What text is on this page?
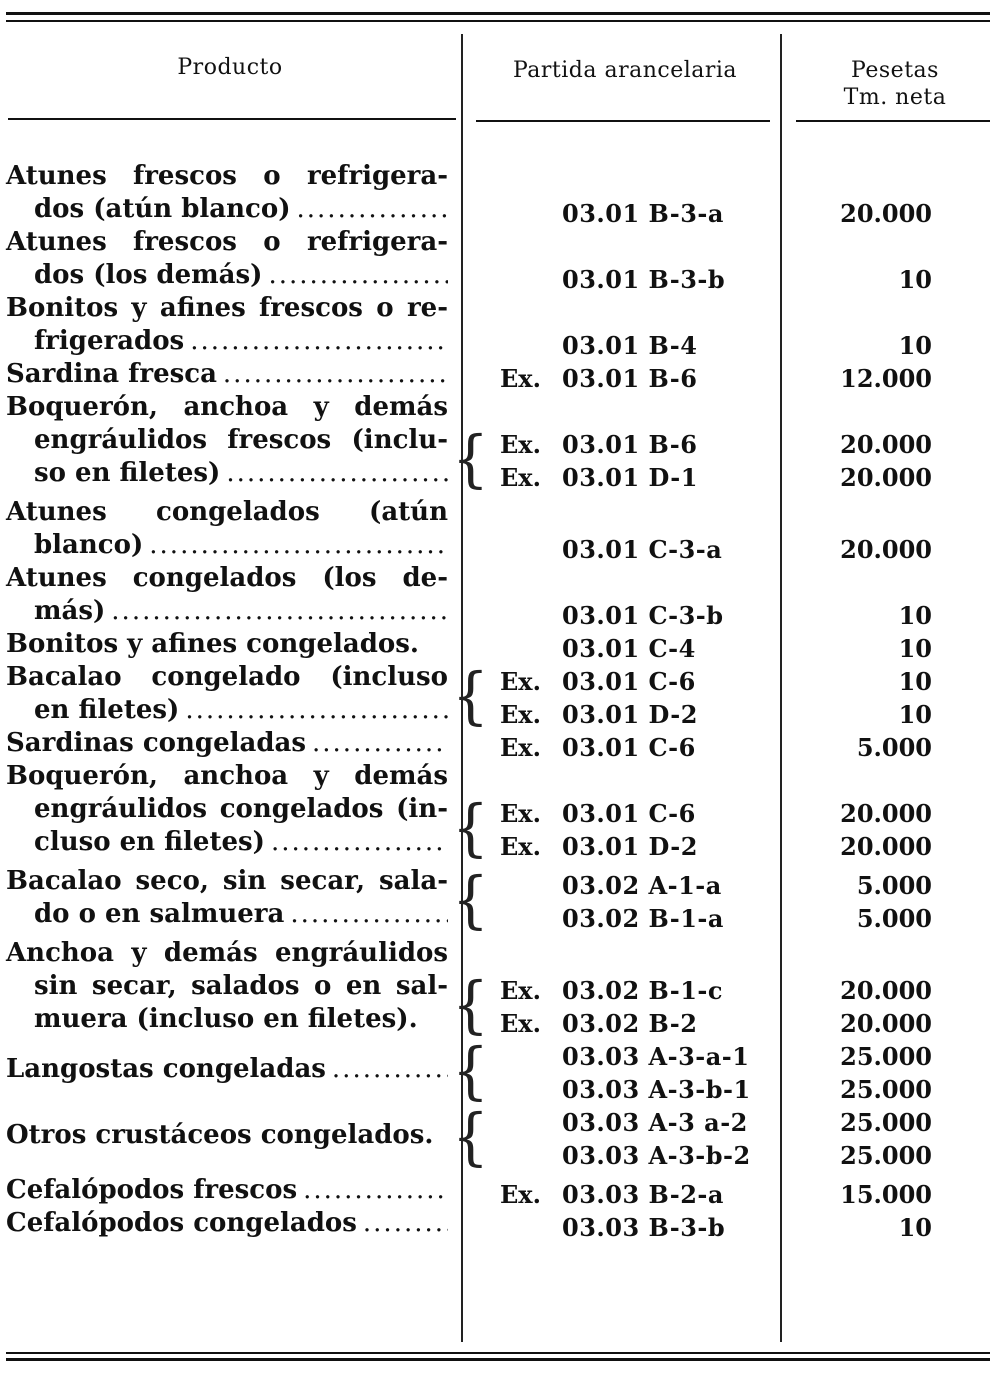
Producto	Partida arancelaria	Pesetas
Tm. neta
Atunes frescos o refrigera-
dos (atún blanco) .....	03.01 B-3-a	20.000
Atunes frescos o refrigera-
dos (los demás) .....	03.01 B-3-b	10
Bonitos y afines frescos o re-
frigerados .....	03.01 B-4	10
Sardina fresca .....	Ex. 03.01 B-6	12.000
Boquerón, anchoa y demás
engráulidos frescos (inclu-
so en filetes) .....	{ Ex. 03.01 B-6	20.000
Ex. 03.01 D-1	20.000
Atunes congelados (atún
blanco) .....	03.01 C-3-a	20.000
Atunes congelados (los de-
más) .....	03.01 C-3-b	10
Bonitos y afines congelados.	03.01 C-4	10
Bacalao congelado (incluso
en filetes) .....	{ Ex. 03.01 C-6	10
Ex. 03.01 D-2	10
Sardinas congeladas .....	Ex. 03.01 C-6	5.000
Boquerón, anchoa y demás
engráulidos congelados (in-
cluso en filetes) .....	{ Ex. 03.01 C-6	20.000
Ex. 03.01 D-2	20.000
Bacalao seco, sin secar, sala-
do o en salmuera .....	{	03.02 A-1-a	5.000
03.02 B-1-a	5.000
Anchoa y demás engráulidos
sin secar, salados o en sal-
muera (incluso en filetes). { Ex. 03.02 B-1-c	20.000
Ex. 03.02 B-2	20.000
Langostas congeladas ..... {	03.03 A-3-a-1	25.000
03.03 A-3-b-1	25.000
Otros crustáceos congelados. {	03.03 A-3 a-2	25.000
03.03 A-3-b-2	25.000
Cefalópodos frescos .....	Ex. 03.03 B-2-a	15.000
Cefalópodos congelados .....	03.03 B-3-b	10
